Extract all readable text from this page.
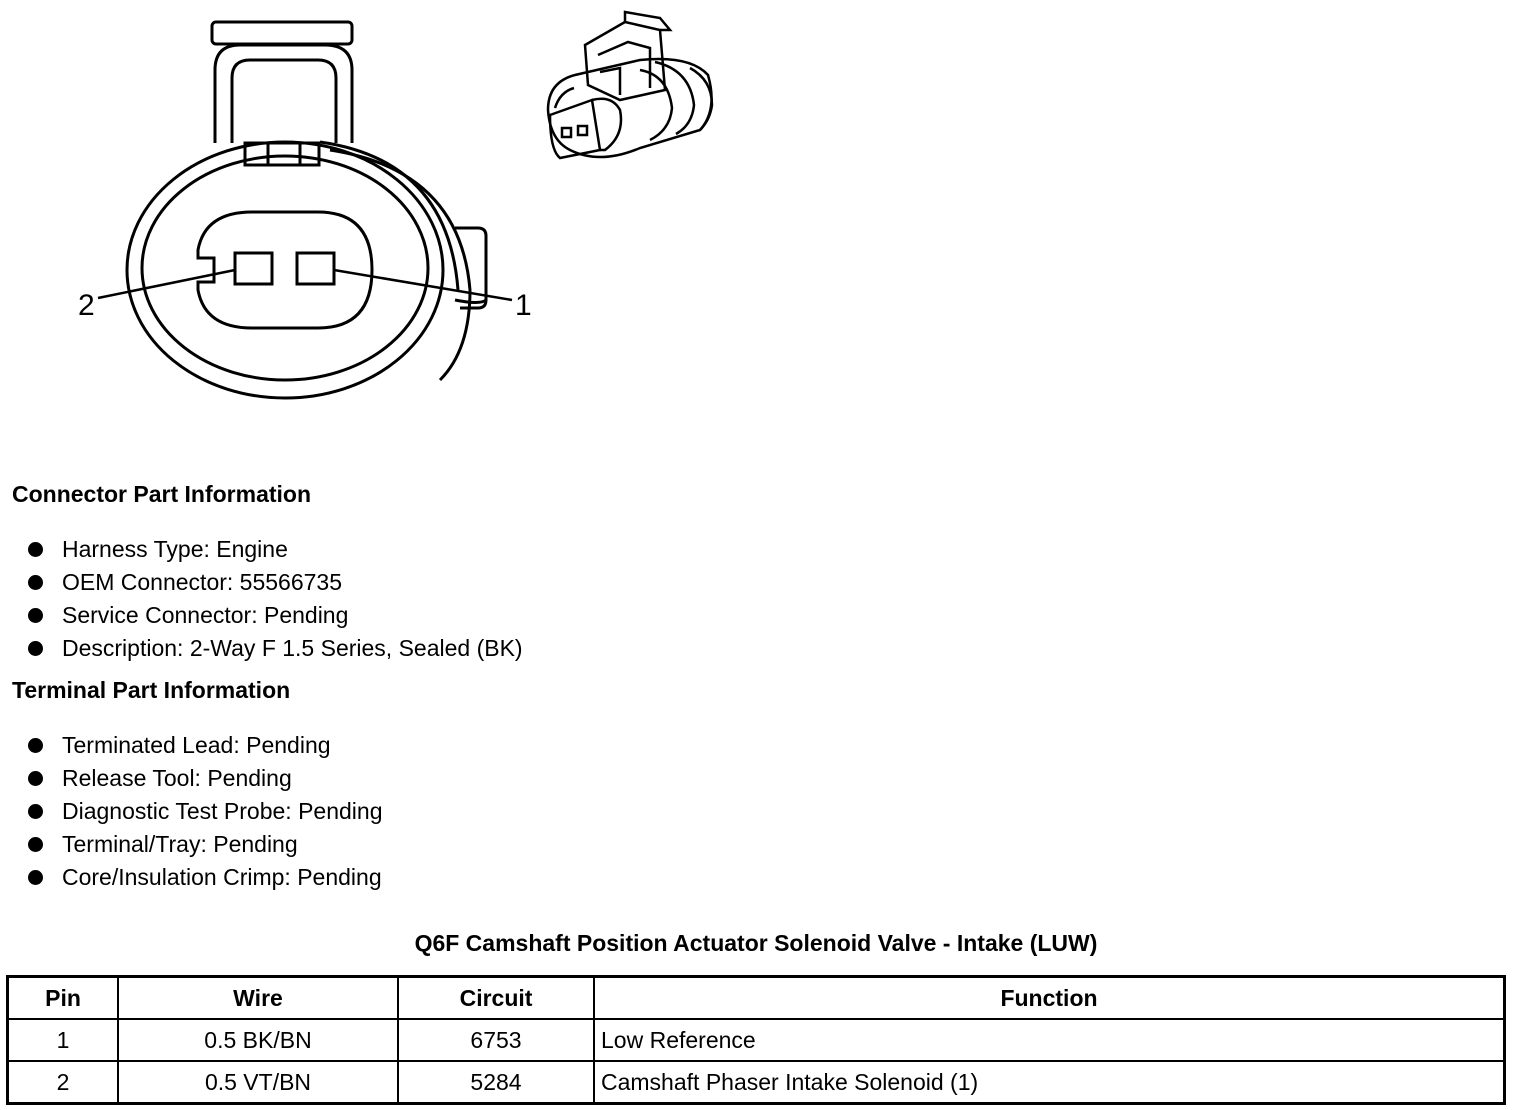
2	1
Connector Part Information
Harness Type: Engine
OEM Connector: 55566735
Service Connector: Pending
Description: 2-Way F 1.5 Series, Sealed (BK)
Terminal Part Information
Terminated Lead: Pending
Release Tool: Pending
Diagnostic Test Probe: Pending
Terminal/Tray: Pending
Core/Insulation Crimp: Pending
Q6F Camshaft Position Actuator Solenoid Valve - Intake (LUW)
Pin	Wire	Circuit	Function
1	0.5 BK/BN	6753	Low Reference
2	0.5 VT/BN	5284	Camshaft Phaser Intake Solenoid (1)
